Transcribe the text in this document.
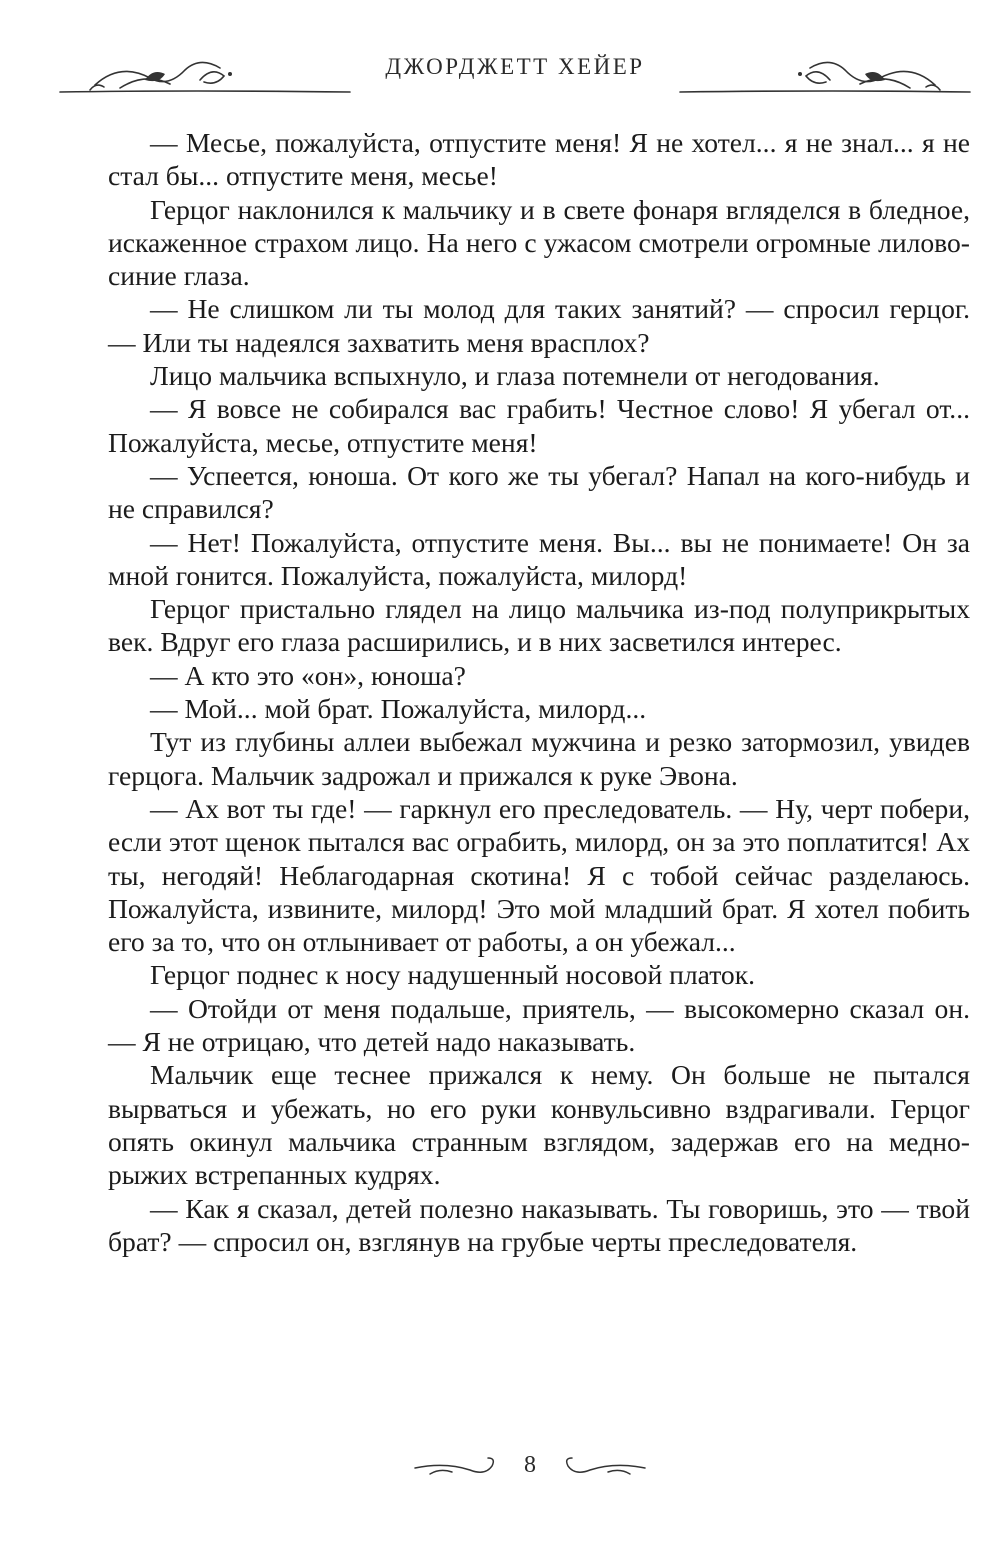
ДЖОРДЖЕТТ ХЕЙЕР

— Месье, пожалуйста, отпустите меня! Я не хотел... я не знал... я не стал бы... отпустите меня, месье!

Герцог наклонился к мальчику и в свете фонаря вгляделся в бледное, искаженное страхом лицо. На него с ужасом смотрели огромные лилово-синие глаза.

— Не слишком ли ты молод для таких занятий? — спросил герцог. — Или ты надеялся захватить меня врасплох?

Лицо мальчика вспыхнуло, и глаза потемнели от негодования.

— Я вовсе не собирался вас грабить! Честное слово! Я убегал от... Пожалуйста, месье, отпустите меня!

— Успеется, юноша. От кого же ты убегал? Напал на кого-нибудь и не справился?

— Нет! Пожалуйста, отпустите меня. Вы... вы не понимаете! Он за мной гонится. Пожалуйста, пожалуйста, милорд!

Герцог пристально глядел на лицо мальчика из-под полуприкрытых век. Вдруг его глаза расширились, и в них засветился интерес.

— А кто это «он», юноша?

— Мой... мой брат. Пожалуйста, милорд...

Тут из глубины аллеи выбежал мужчина и резко затормозил, увидев герцога. Мальчик задрожал и прижался к руке Эвона.

— Ах вот ты где! — гаркнул его преследователь. — Ну, черт побери, если этот щенок пытался вас ограбить, милорд, он за это поплатится! Ах ты, негодяй! Неблагодарная скотина! Я с тобой сейчас разделаюсь. Пожалуйста, извините, милорд! Это мой младший брат. Я хотел побить его за то, что он отлынивает от работы, а он убежал...

Герцог поднес к носу надушенный носовой платок.

— Отойди от меня подальше, приятель, — высокомерно сказал он. — Я не отрицаю, что детей надо наказывать.

Мальчик еще теснее прижался к нему. Он больше не пытался вырваться и убежать, но его руки конвульсивно вздрагивали. Герцог опять окинул мальчика странным взглядом, задержав его на медно-рыжих встрепанных кудрях.

— Как я сказал, детей полезно наказывать. Ты говоришь, это — твой брат? — спросил он, взглянув на грубые черты преследователя.

8
